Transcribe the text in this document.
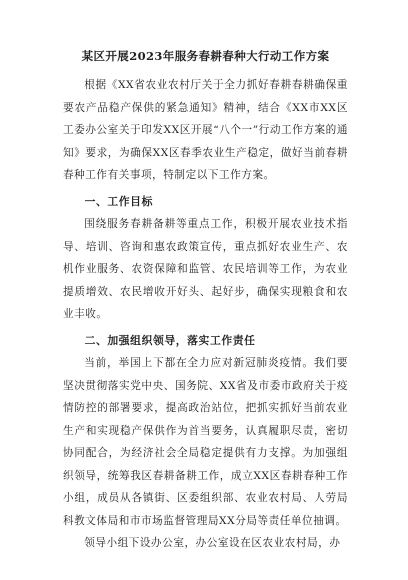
某区开展2023年服务春耕春种大行动工作方案

根据《XX省农业农村厅关于全力抓好春耕春耕确保重要农产品稳产保供的紧急通知》精神，结合《XX市XX区工委办公室关于印发XX区开展“八个一”行动工作方案的通知》要求，为确保XX区春季农业生产稳定，做好当前春耕春种工作有关事项，特制定以下工作方案。

一、工作目标

围绕服务春耕备耕等重点工作，积极开展农业技术指导、培训、咨询和惠农政策宣传，重点抓好农业生产、农机作业服务、农资保障和监管、农民培训等工作，为农业提质增效、农民增收开好头、起好步，确保实现粮食和农业丰收。

二、加强组织领导，落实工作责任

当前，举国上下都在全力应对新冠肺炎疫情。我们要坚决贯彻落实党中央、国务院、XX省及市委市政府关于疫情防控的部署要求，提高政治站位，把抓实抓好当前农业生产和实现稳产保供作为首当要务，认真履职尽责，密切协同配合，为经济社会全局稳定提供有力支撑。为加强组织领导，统筹我区春耕备耕工作，成立XX区春耕春种工作小组，成员从各镇街、区委组织部、农业农村局、人劳局科教文体局和市市场监督管理局XX分局等责任单位抽调。

领导小组下设办公室，办公室设在区农业农村局，办
